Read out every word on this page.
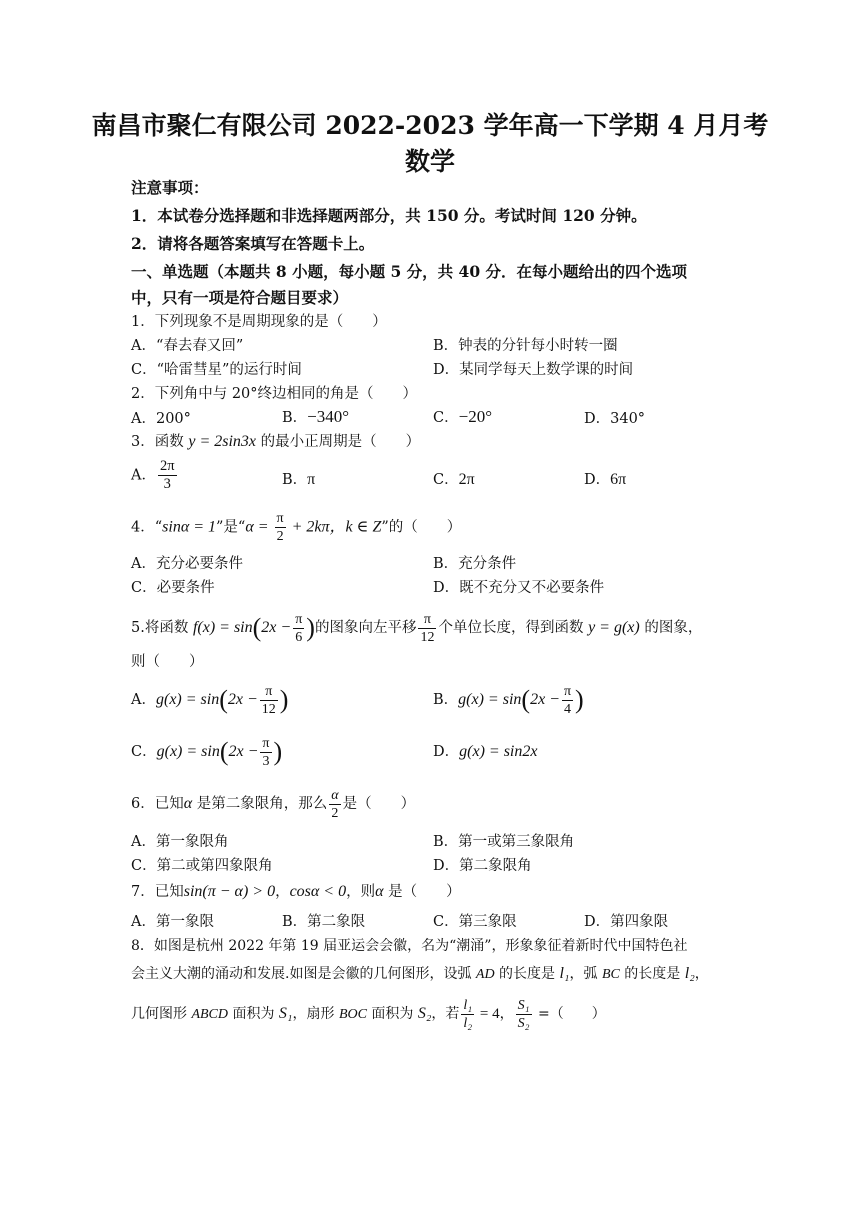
南昌市聚仁有限公司 2022-2023 学年高一下学期 4 月月考
数学
注意事项：
1．本试卷分选择题和非选择题两部分，共 150 分。考试时间 120 分钟。
2．请将各题答案填写在答题卡上。
一、单选题（本题共 8 小题，每小题 5 分，共 40 分．在每小题给出的四个选项
中，只有一项是符合题目要求）
1．下列现象不是周期现象的是（　　）
A．“春去春又回”	B．钟表的分针每小时转一圈
C．“哈雷彗星”的运行时间	D．某同学每天上数学课的时间
2．下列角中与 20°终边相同的角是（　　）
A．200°	B．−340°	C．−20°	D．340°
3．函数 y = 2sin3x 的最小正周期是（　　）
A． $\frac{2\pi}{3}$	B．π	C．2π	D．6π
4．“sinα = 1”是“$\alpha = \frac{\pi}{2} + 2k\pi$，k ∈ Z”的（　　）
A．充分必要条件	B．充分条件
C．必要条件	D．既不充分又不必要条件
5.将函数 $f(x) = \sin(2x - \frac{\pi}{6}$ )的图象向左平移 $\frac{\pi}{12}$ 个单位长度，得到函数 y = g(x) 的图象，
则（　　）
A．$g(x) = \sin(2x - \frac{\pi}{12}$ )	B．$g(x) = \sin(2x - \frac{\pi}{4}$ )
C．$g(x) = \sin(2x - \frac{\pi}{3}$ )	D．g(x) = sin2x
6．已知α 是第二象限角，那么 $\frac{\alpha}{2}$ 是（　　）
A．第一象限角	B．第一或第三象限角
C．第二或第四象限角	D．第二象限角
7．已知sin(π − α) > 0，cosα < 0，则α 是（　　）
A．第一象限	B．第二象限	C．第三象限	D．第四象限
8．如图是杭州 2022 年第 19 届亚运会会徽，名为“潮涌”，形象象征着新时代中国特色社
会主义大潮的涌动和发展.如图是会徽的几何图形，设弧 AD 的长度是 l₁，弧 BC 的长度是 l₂，
几何图形 ABCD 面积为 S₁，扇形 BOC 面积为 S₂，若 $\frac{\text{l₁}}{\text{l₂}} = 4$， $\frac{\text{S₁}}{\text{S₂}}$ =（　　）
